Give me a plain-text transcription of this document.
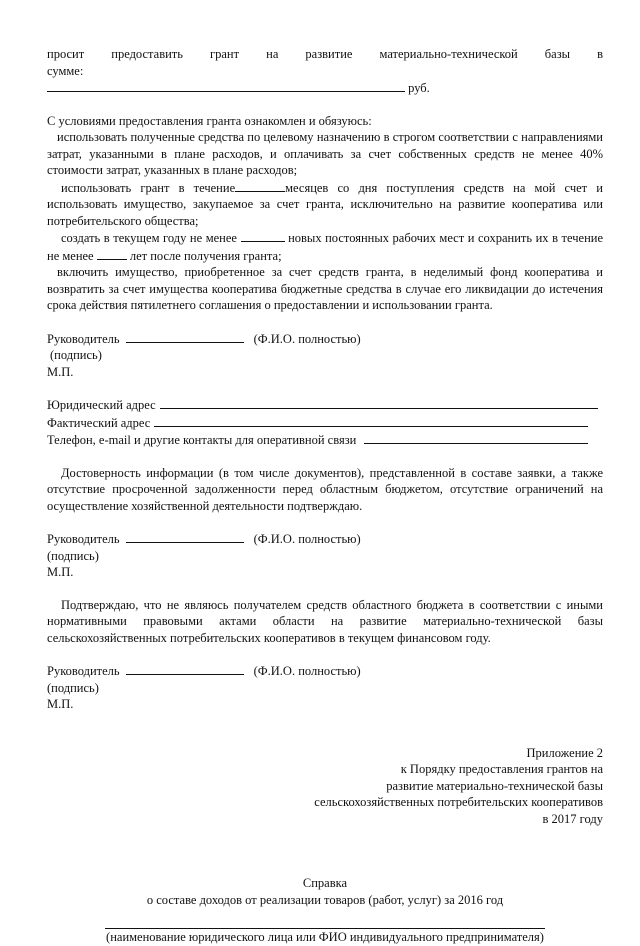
просит предоставить грант на развитие материально-технической базы в сумме:

руб.

С условиями предоставления гранта ознакомлен и обязуюсь:

использовать полученные средства по целевому назначению в строгом соответствии с направлениями затрат, указанными в плане расходов, и оплачивать за счет собственных средств не менее 40% стоимости затрат, указанных в плане расходов;

использовать грант в течение	месяцев со дня поступления средств на мой счет и использовать имущество, закупаемое за счет гранта, исключительно на развитие кооператива или потребительского общества;

создать в текущем году не менее	новых постоянных рабочих мест и сохранить их в течение не менее	лет после получения гранта;

включить имущество, приобретенное за счет средств гранта, в неделимый фонд кооператива и возвратить за счет имущества кооператива бюджетные средства в случае его ликвидации до истечения срока действия пятилетнего соглашения о предоставлении и использовании гранта.

Руководитель	(Ф.И.О. полностью)

(подпись)

М.П.

Юридический адрес

Фактический адрес

Телефон, e-mail и другие контакты для оперативной связи

Достоверность информации (в том числе документов), представленной в составе заявки, а также отсутствие просроченной задолженности перед областным бюджетом, отсутствие ограничений на осуществление хозяйственной деятельности подтверждаю.

Руководитель	(Ф.И.О. полностью)

(подпись)

М.П.

Подтверждаю, что не являюсь получателем средств областного бюджета в соответствии с иными нормативными правовыми актами области на развитие материально-технической базы сельскохозяйственных потребительских кооперативов в текущем финансовом году.

Руководитель	(Ф.И.О. полностью)

(подпись)

М.П.

Приложение 2

к Порядку предоставления грантов на

развитие материально-технической базы

сельскохозяйственных потребительских кооперативов

в 2017 году

Справка

о составе доходов от реализации товаров (работ, услуг) за 2016 год

(наименование юридического лица или ФИО индивидуального предпринимателя)
